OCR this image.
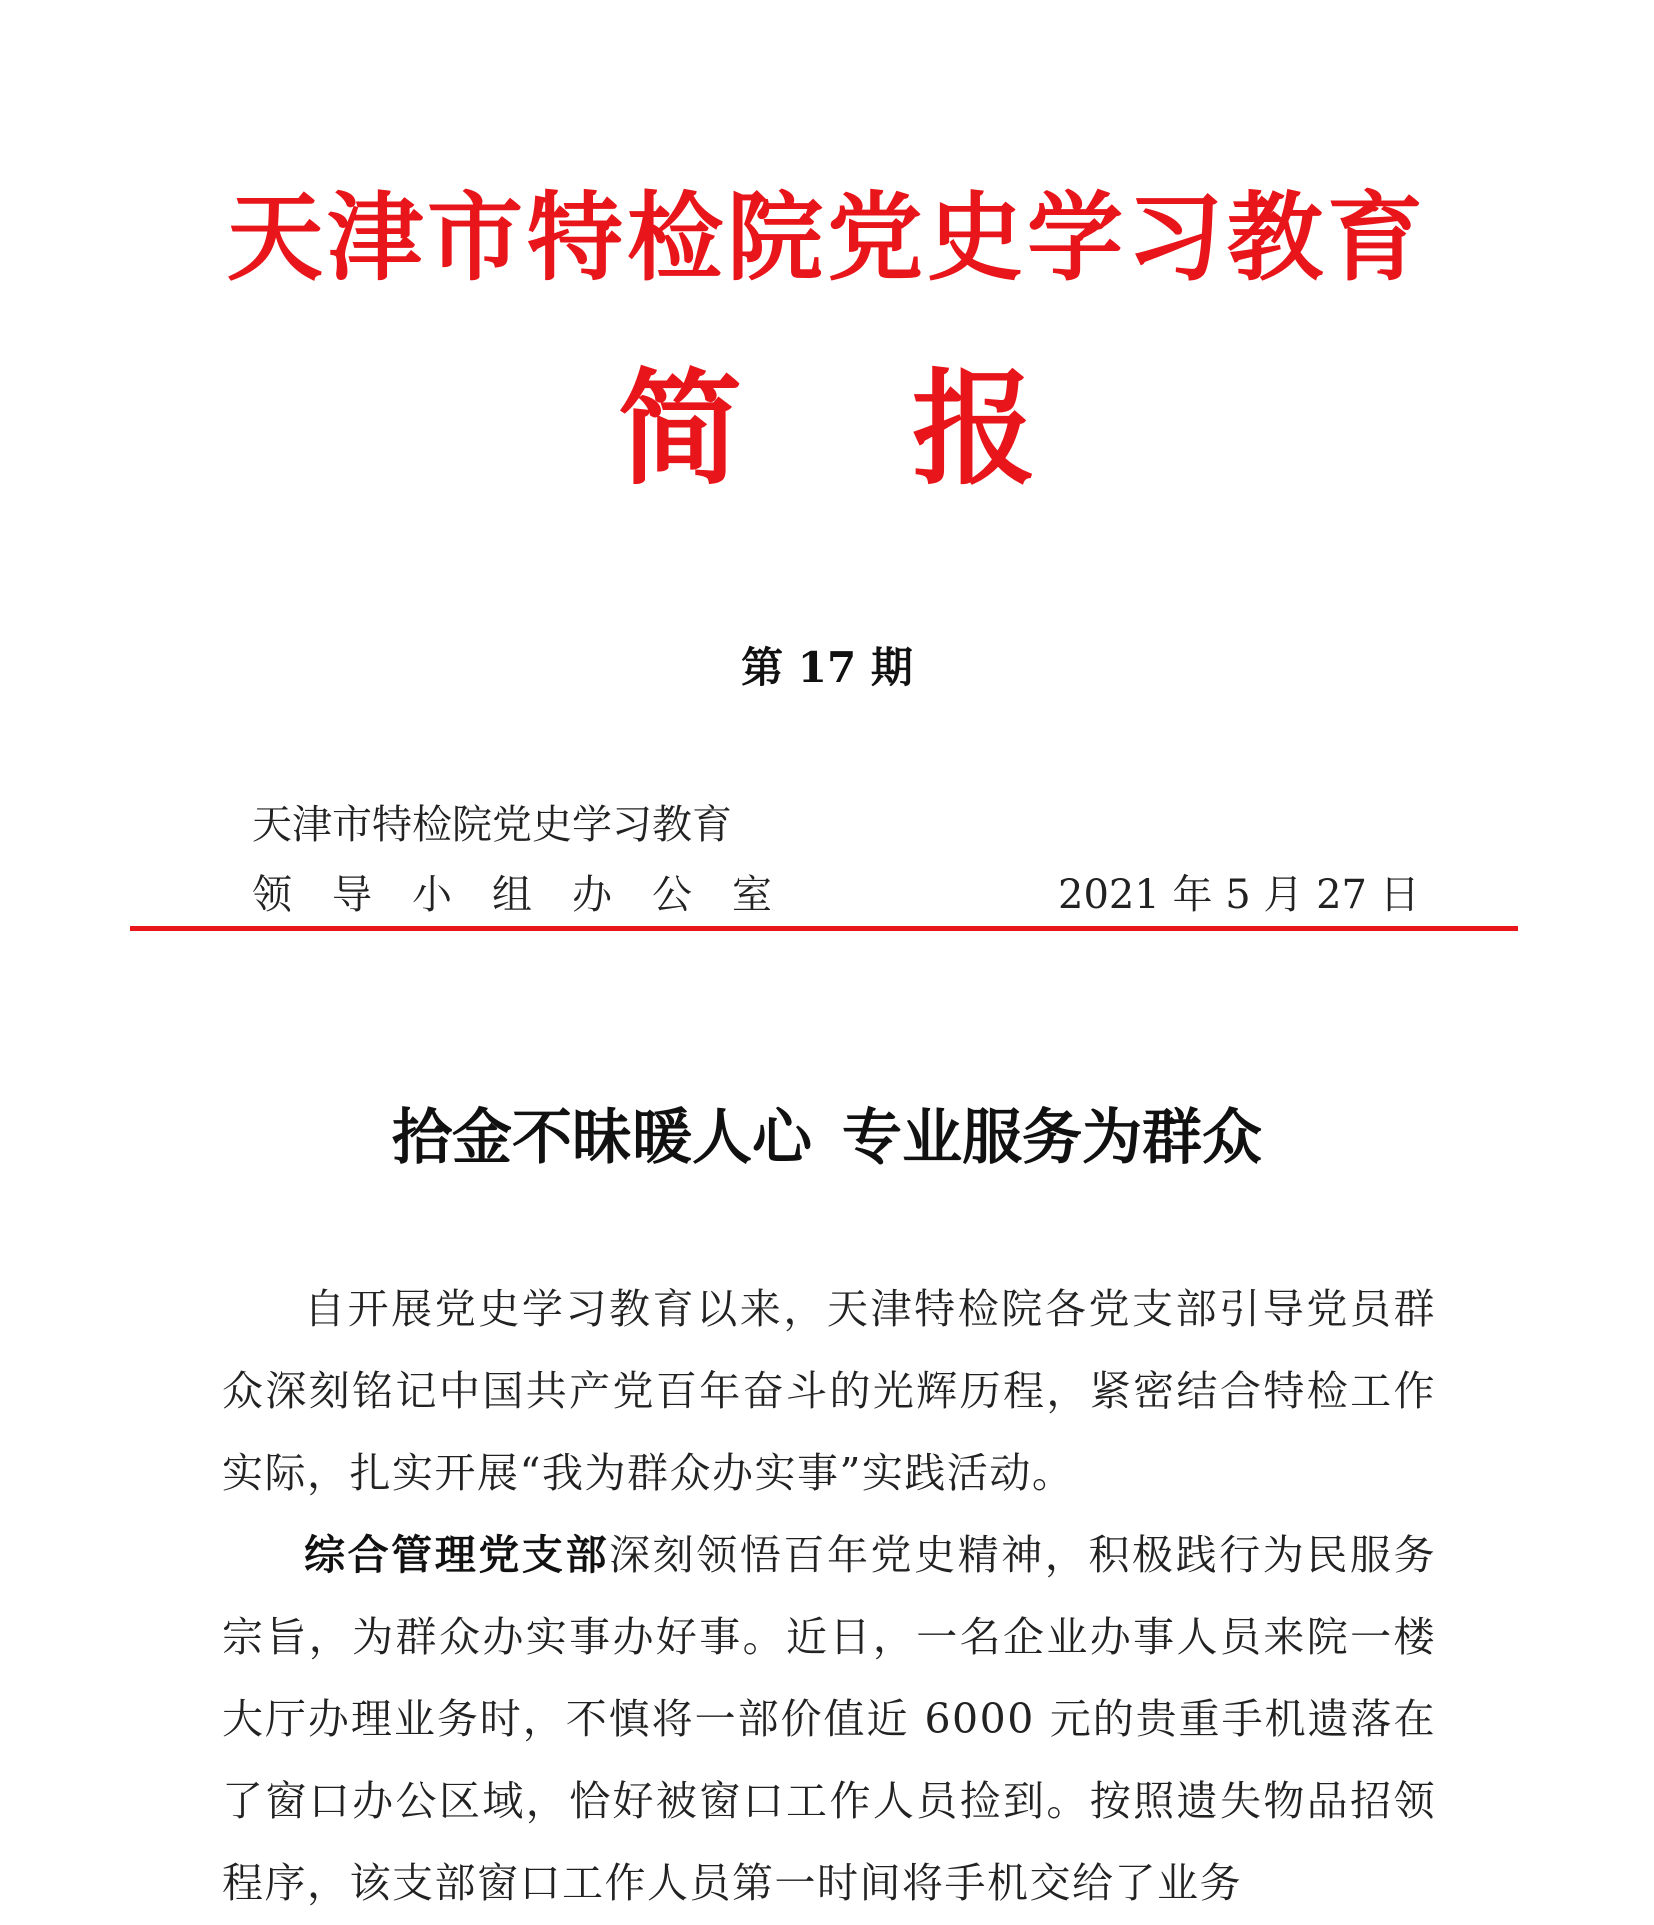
天津市特检院党史学习教育
简 报
第 17 期
天津市特检院党史学习教育
领导小组办公室	2021 年 5 月 27 日
拾金不昧暖人心 专业服务为群众

自开展党史学习教育以来，天津特检院各党支部引导党员群众深刻铭记中国共产党百年奋斗的光辉历程，紧密结合特检工作实际，扎实开展“我为群众办实事”实践活动。

综合管理党支部深刻领悟百年党史精神，积极践行为民服务宗旨，为群众办实事办好事。近日，一名企业办事人员来院一楼大厅办理业务时，不慎将一部价值近 6000 元的贵重手机遗落在了窗口办公区域，恰好被窗口工作人员捡到。按照遗失物品招领程序，该支部窗口工作人员第一时间将手机交给了业务
